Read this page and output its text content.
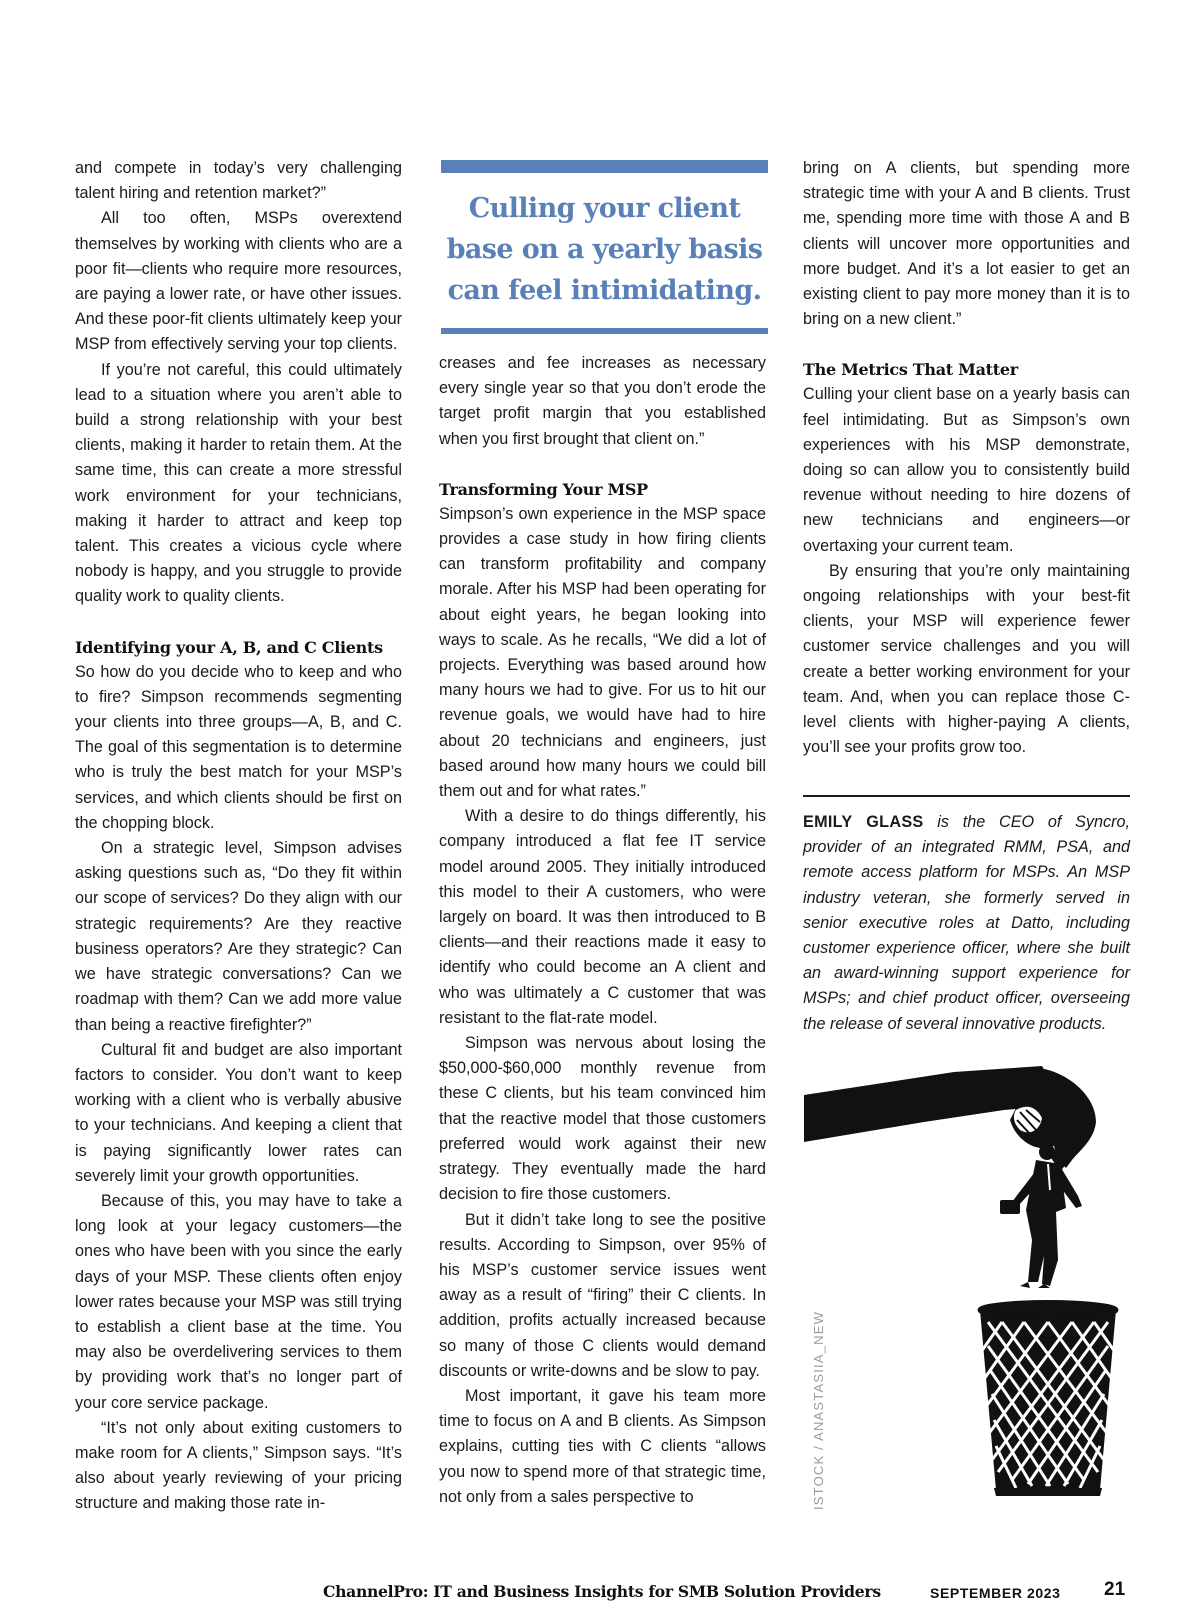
and compete in today’s very challenging talent hiring and retention market?”

All too often, MSPs overextend themselves by working with clients who are a poor fit—clients who require more resources, are paying a lower rate, or have other issues. And these poor-fit clients ultimately keep your MSP from effectively serving your top clients.

If you’re not careful, this could ultimately lead to a situation where you aren’t able to build a strong relationship with your best clients, making it harder to retain them. At the same time, this can create a more stressful work environment for your technicians, making it harder to attract and keep top talent. This creates a vicious cycle where nobody is happy, and you struggle to provide quality work to quality clients.

Identifying your A, B, and C Clients

So how do you decide who to keep and who to fire? Simpson recommends segmenting your clients into three groups—A, B, and C. The goal of this segmentation is to determine who is truly the best match for your MSP’s services, and which clients should be first on the chopping block.

On a strategic level, Simpson advises asking questions such as, “Do they fit within our scope of services? Do they align with our strategic requirements? Are they reactive business operators? Are they strategic? Can we have strategic conversations? Can we roadmap with them? Can we add more value than being a reactive firefighter?”

Cultural fit and budget are also important factors to consider. You don’t want to keep working with a client who is verbally abusive to your technicians. And keeping a client that is paying significantly lower rates can severely limit your growth opportunities.

Because of this, you may have to take a long look at your legacy customers—the ones who have been with you since the early days of your MSP. These clients often enjoy lower rates because your MSP was still trying to establish a client base at the time. You may also be overdelivering services to them by providing work that’s no longer part of your core service package.

“It’s not only about exiting customers to make room for A clients,” Simpson says. “It’s also about yearly reviewing of your pricing structure and making those rate in-

Culling your client base on a yearly basis can feel intimidating.

creases and fee increases as necessary every single year so that you don’t erode the target profit margin that you established when you first brought that client on.”

Transforming Your MSP

Simpson’s own experience in the MSP space provides a case study in how firing clients can transform profitability and company morale. After his MSP had been operating for about eight years, he began looking into ways to scale. As he recalls, “We did a lot of projects. Everything was based around how many hours we had to give. For us to hit our revenue goals, we would have had to hire about 20 technicians and engineers, just based around how many hours we could bill them out and for what rates.”

With a desire to do things differently, his company introduced a flat fee IT service model around 2005. They initially introduced this model to their A customers, who were largely on board. It was then introduced to B clients—and their reactions made it easy to identify who could become an A client and who was ultimately a C customer that was resistant to the flat-rate model.

Simpson was nervous about losing the $50,000-$60,000 monthly revenue from these C clients, but his team convinced him that the reactive model that those customers preferred would work against their new strategy. They eventually made the hard decision to fire those customers.

But it didn’t take long to see the positive results. According to Simpson, over 95% of his MSP’s customer service issues went away as a result of “firing” their C clients. In addition, profits actually increased because so many of those C clients would demand discounts or write-downs and be slow to pay.

Most important, it gave his team more time to focus on A and B clients. As Simpson explains, cutting ties with C clients “allows you now to spend more of that strategic time, not only from a sales perspective to

bring on A clients, but spending more strategic time with your A and B clients. Trust me, spending more time with those A and B clients will uncover more opportunities and more budget. And it’s a lot easier to get an existing client to pay more money than it is to bring on a new client.”

The Metrics That Matter

Culling your client base on a yearly basis can feel intimidating. But as Simpson’s own experiences with his MSP demonstrate, doing so can allow you to consistently build revenue without needing to hire dozens of new technicians and engineers—or overtaxing your current team.

By ensuring that you’re only maintaining ongoing relationships with your best-fit clients, your MSP will experience fewer customer service challenges and you will create a better working environment for your team. And, when you can replace those C-level clients with higher-paying A clients, you’ll see your profits grow too.

EMILY GLASS is the CEO of Syncro, provider of an integrated RMM, PSA, and remote access platform for MSPs. An MSP industry veteran, she formerly served in senior executive roles at Datto, including customer experience officer, where she built an award-winning support experience for MSPs; and chief product officer, overseeing the release of several innovative products.
ISTOCK / ANASTASIIA_NEW
ChannelPro: IT and Business Insights for SMB Solution Providers	SEPTEMBER 2023 21
